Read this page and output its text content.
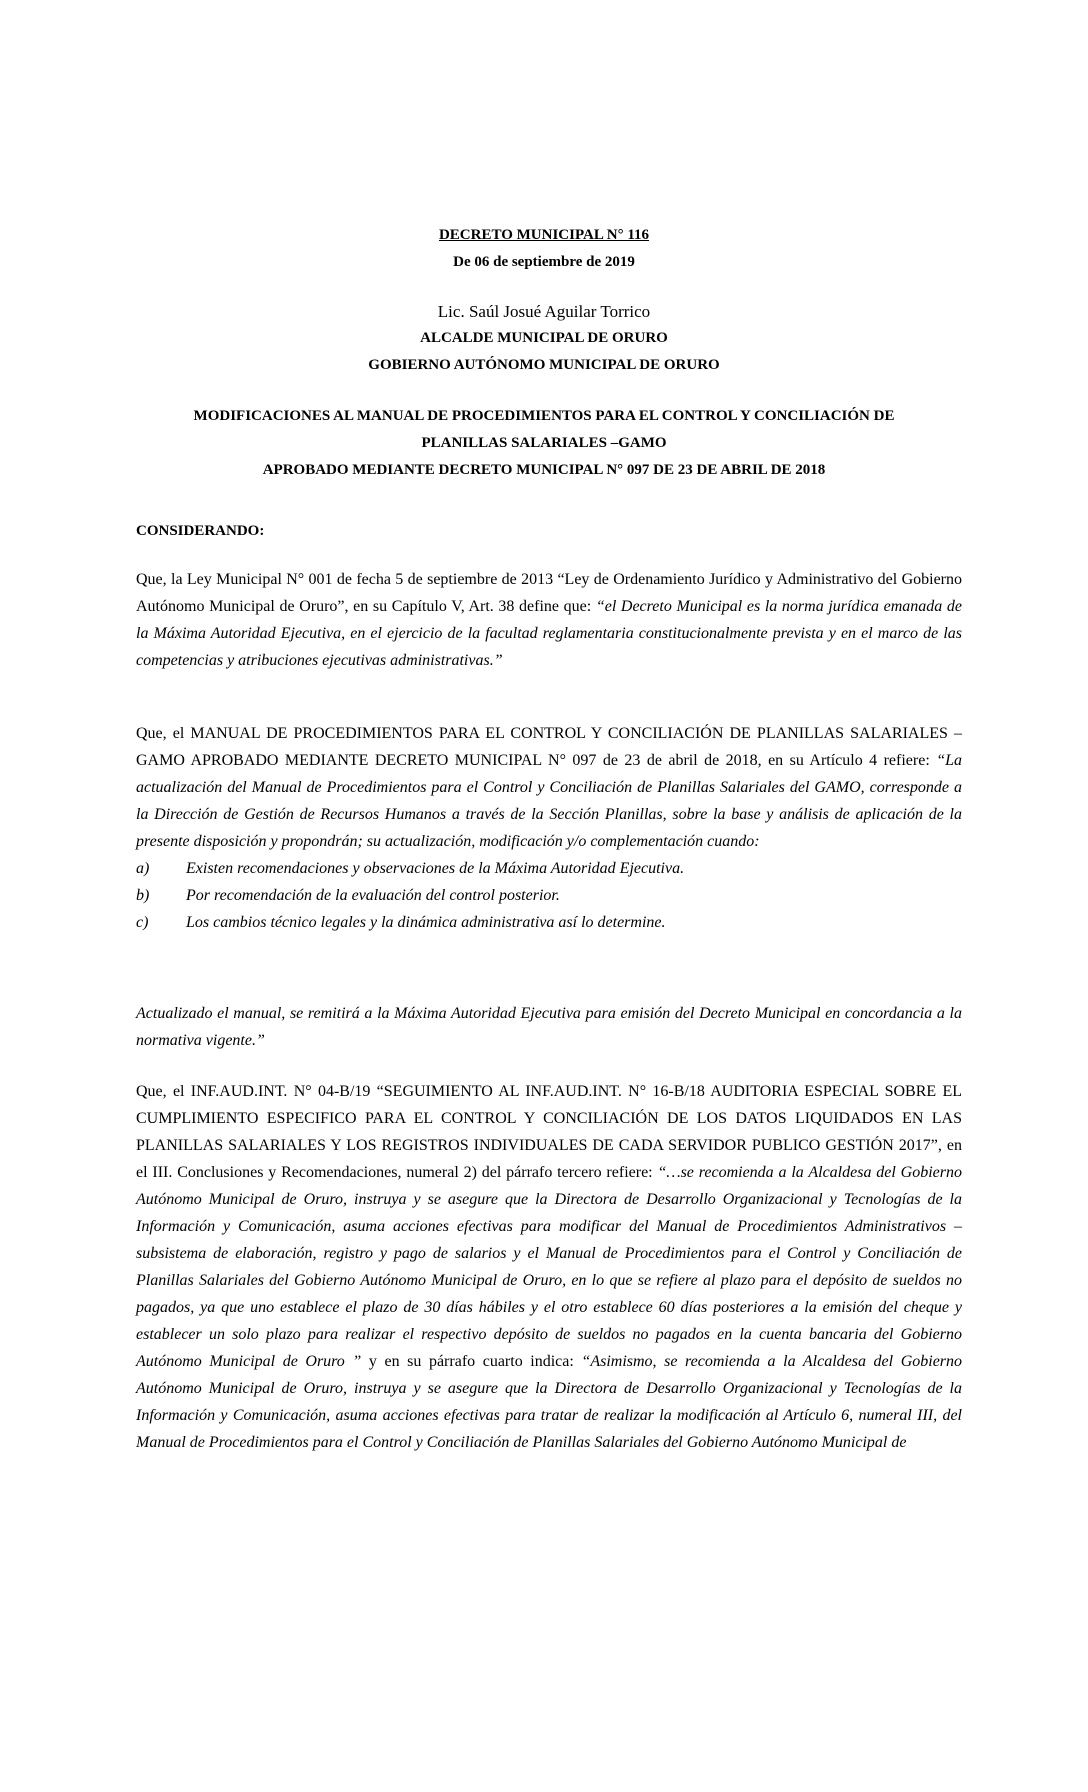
DECRETO MUNICIPAL N° 116
De 06 de septiembre de 2019
Lic. Saúl Josué Aguilar Torrico
ALCALDE MUNICIPAL DE ORURO
GOBIERNO AUTÓNOMO MUNICIPAL DE ORURO
MODIFICACIONES AL MANUAL DE PROCEDIMIENTOS PARA EL CONTROL Y CONCILIACIÓN DE
PLANILLAS SALARIALES –GAMO
APROBADO MEDIANTE DECRETO MUNICIPAL N° 097 DE 23 DE ABRIL DE 2018
CONSIDERANDO:

Que, la Ley Municipal N° 001 de fecha 5 de septiembre de 2013 “Ley de Ordenamiento Jurídico y Administrativo del Gobierno Autónomo Municipal de Oruro”, en su Capítulo V, Art. 38 define que: “el Decreto Municipal es la norma jurídica emanada de la Máxima Autoridad Ejecutiva, en el ejercicio de la facultad reglamentaria constitucionalmente prevista y en el marco de las competencias y atribuciones ejecutivas administrativas.”

Que, el MANUAL DE PROCEDIMIENTOS PARA EL CONTROL Y CONCILIACIÓN DE PLANILLAS SALARIALES –GAMO APROBADO MEDIANTE DECRETO MUNICIPAL N° 097 de 23 de abril de 2018, en su Artículo 4 refiere: “La actualización del Manual de Procedimientos para el Control y Conciliación de Planillas Salariales del GAMO, corresponde a la Dirección de Gestión de Recursos Humanos a través de la Sección Planillas, sobre la base y análisis de aplicación de la presente disposición y propondrán; su actualización, modificación y/o complementación cuando:

a)	Existen recomendaciones y observaciones de la Máxima Autoridad Ejecutiva.
b)	Por recomendación de la evaluación del control posterior.
c)	Los cambios técnico legales y la dinámica administrativa así lo determine.
Actualizado el manual, se remitirá a la Máxima Autoridad Ejecutiva para emisión del Decreto Municipal en concordancia a la normativa vigente.”

Que, el INF.AUD.INT. N° 04-B/19 “SEGUIMIENTO AL INF.AUD.INT. N° 16-B/18 AUDITORIA ESPECIAL SOBRE EL CUMPLIMIENTO ESPECIFICO PARA EL CONTROL Y CONCILIACIÓN DE LOS DATOS LIQUIDADOS EN LAS PLANILLAS SALARIALES Y LOS REGISTROS INDIVIDUALES DE CADA SERVIDOR PUBLICO GESTIÓN 2017”, en el III. Conclusiones y Recomendaciones, numeral 2) del párrafo tercero refiere: “…se recomienda a la Alcaldesa del Gobierno Autónomo Municipal de Oruro, instruya y se asegure que la Directora de Desarrollo Organizacional y Tecnologías de la Información y Comunicación, asuma acciones efectivas para modificar del Manual de Procedimientos Administrativos – subsistema de elaboración, registro y pago de salarios y el Manual de Procedimientos para el Control y Conciliación de Planillas Salariales del Gobierno Autónomo Municipal de Oruro, en lo que se refiere al plazo para el depósito de sueldos no pagados, ya que uno establece el plazo de 30 días hábiles y el otro establece 60 días posteriores a la emisión del cheque y establecer un solo plazo para realizar el respectivo depósito de sueldos no pagados en la cuenta bancaria del Gobierno Autónomo Municipal de Oruro ” y en su párrafo cuarto indica: “Asimismo, se recomienda a la Alcaldesa del Gobierno Autónomo Municipal de Oruro, instruya y se asegure que la Directora de Desarrollo Organizacional y Tecnologías de la Información y Comunicación, asuma acciones efectivas para tratar de realizar la modificación al Artículo 6, numeral III, del Manual de Procedimientos para el Control y Conciliación de Planillas Salariales del Gobierno Autónomo Municipal de
